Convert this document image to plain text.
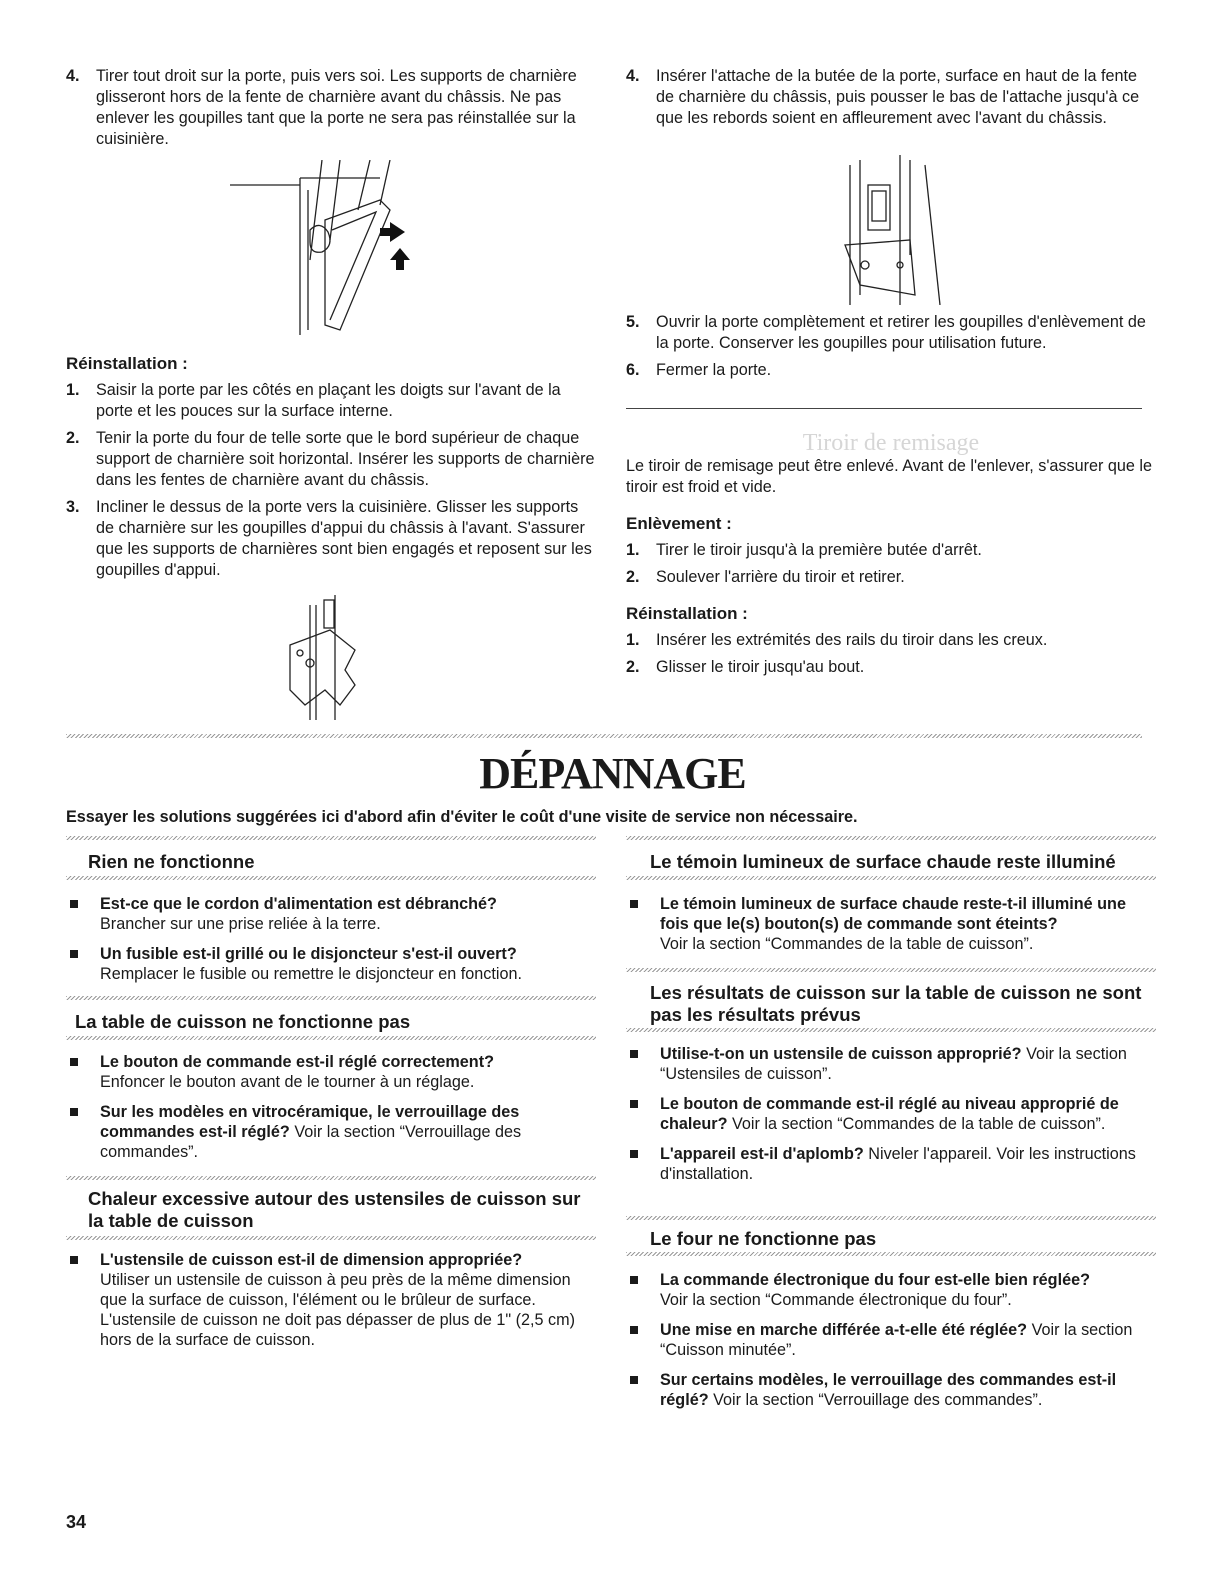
4. Tirer tout droit sur la porte, puis vers soi. Les supports de charnière glisseront hors de la fente de charnière avant du châssis. Ne pas enlever les goupilles tant que la porte ne sera pas réinstallée sur la cuisinière.
Réinstallation :
1. Saisir la porte par les côtés en plaçant les doigts sur l'avant de la porte et les pouces sur la surface interne.
2. Tenir la porte du four de telle sorte que le bord supérieur de chaque support de charnière soit horizontal. Insérer les supports de charnière dans les fentes de charnière avant du châssis.
3. Incliner le dessus de la porte vers la cuisinière. Glisser les supports de charnière sur les goupilles d'appui du châssis à l'avant. S'assurer que les supports de charnières sont bien engagés et reposent sur les goupilles d'appui.
4. Insérer l'attache de la butée de la porte, surface en haut de la fente de charnière du châssis, puis pousser le bas de l'attache jusqu'à ce que les rebords soient en affleurement avec l'avant du châssis.
5. Ouvrir la porte complètement et retirer les goupilles d'enlèvement de la porte. Conserver les goupilles pour utilisation future.
6. Fermer la porte.
Tiroir de remisage

Le tiroir de remisage peut être enlevé. Avant de l'enlever, s'assurer que le tiroir est froid et vide.

Enlèvement :
1. Tirer le tiroir jusqu'à la première butée d'arrêt.
2. Soulever l'arrière du tiroir et retirer.
Réinstallation :
1. Insérer les extrémités des rails du tiroir dans les creux.
2. Glisser le tiroir jusqu'au bout.
DÉPANNAGE
Essayer les solutions suggérées ici d'abord afin d'éviter le coût d'une visite de service non nécessaire.
Rien ne fonctionne
Est-ce que le cordon d'alimentation est débranché?
Brancher sur une prise reliée à la terre.
Un fusible est-il grillé ou le disjoncteur s'est-il ouvert?
Remplacer le fusible ou remettre le disjoncteur en fonction.
La table de cuisson ne fonctionne pas
Le bouton de commande est-il réglé correctement?
Enfoncer le bouton avant de le tourner à un réglage.
Sur les modèles en vitrocéramique, le verrouillage des commandes est-il réglé? Voir la section “Verrouillage des commandes”.
Chaleur excessive autour des ustensiles de cuisson sur la table de cuisson
L'ustensile de cuisson est-il de dimension appropriée?
Utiliser un ustensile de cuisson à peu près de la même dimension que la surface de cuisson, l'élément ou le brûleur de surface. L'ustensile de cuisson ne doit pas dépasser de plus de 1" (2,5 cm) hors de la surface de cuisson.
Le témoin lumineux de surface chaude reste illuminé
Le témoin lumineux de surface chaude reste-t-il illuminé une fois que le(s) bouton(s) de commande sont éteints?
Voir la section “Commandes de la table de cuisson”.
Les résultats de cuisson sur la table de cuisson ne sont pas les résultats prévus
Utilise-t-on un ustensile de cuisson approprié? Voir la section “Ustensiles de cuisson”.
Le bouton de commande est-il réglé au niveau approprié de chaleur? Voir la section “Commandes de la table de cuisson”.
L'appareil est-il d'aplomb? Niveler l'appareil. Voir les instructions d'installation.
Le four ne fonctionne pas
La commande électronique du four est-elle bien réglée?
Voir la section “Commande électronique du four”.
Une mise en marche différée a-t-elle été réglée? Voir la section “Cuisson minutée”.
Sur certains modèles, le verrouillage des commandes est-il réglé? Voir la section “Verrouillage des commandes”.
34
